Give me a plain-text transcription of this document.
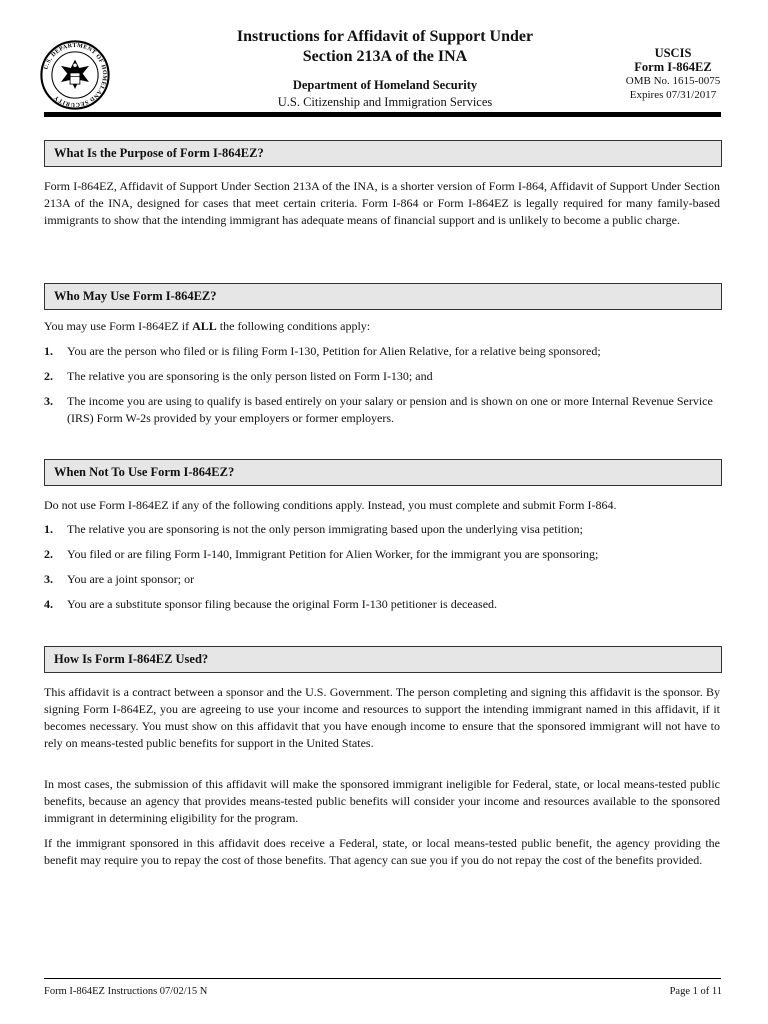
U.S. DEPARTMENT OF HOMELAND SECURITY
Instructions for Affidavit of Support Under
Section 213A of the INA
Department of Homeland Security
U.S. Citizenship and Immigration Services
USCIS
Form I-864EZ
OMB No. 1615-0075
Expires 07/31/2017
What Is the Purpose of Form I-864EZ?
Form I-864EZ, Affidavit of Support Under Section 213A of the INA, is a shorter version of Form I-864, Affidavit of Support Under Section 213A of the INA, designed for cases that meet certain criteria. Form I-864 or Form I-864EZ is legally required for many family-based immigrants to show that the intending immigrant has adequate means of financial support and is unlikely to become a public charge.
Who May Use Form I-864EZ?
You may use Form I-864EZ if ALL the following conditions apply:
1. You are the person who filed or is filing Form I-130, Petition for Alien Relative, for a relative being sponsored;
2. The relative you are sponsoring is the only person listed on Form I-130; and
3. The income you are using to qualify is based entirely on your salary or pension and is shown on one or more Internal Revenue Service (IRS) Form W-2s provided by your employers or former employers.
When Not To Use Form I-864EZ?
Do not use Form I-864EZ if any of the following conditions apply. Instead, you must complete and submit Form I-864.
1. The relative you are sponsoring is not the only person immigrating based upon the underlying visa petition;
2. You filed or are filing Form I-140, Immigrant Petition for Alien Worker, for the immigrant you are sponsoring;
3. You are a joint sponsor; or
4. You are a substitute sponsor filing because the original Form I-130 petitioner is deceased.
How Is Form I-864EZ Used?
This affidavit is a contract between a sponsor and the U.S. Government. The person completing and signing this affidavit is the sponsor. By signing Form I-864EZ, you are agreeing to use your income and resources to support the intending immigrant named in this affidavit, if it becomes necessary. You must show on this affidavit that you have enough income to ensure that the sponsored immigrant will not have to rely on means-tested public benefits for support in the United States.
In most cases, the submission of this affidavit will make the sponsored immigrant ineligible for Federal, state, or local means-tested public benefits, because an agency that provides means-tested public benefits will consider your income and resources available to the sponsored immigrant in determining eligibility for the program.
If the immigrant sponsored in this affidavit does receive a Federal, state, or local means-tested public benefit, the agency providing the benefit may require you to repay the cost of those benefits. That agency can sue you if you do not repay the cost of the benefits provided.
Form I-864EZ Instructions 07/02/15 N	Page 1 of 11
